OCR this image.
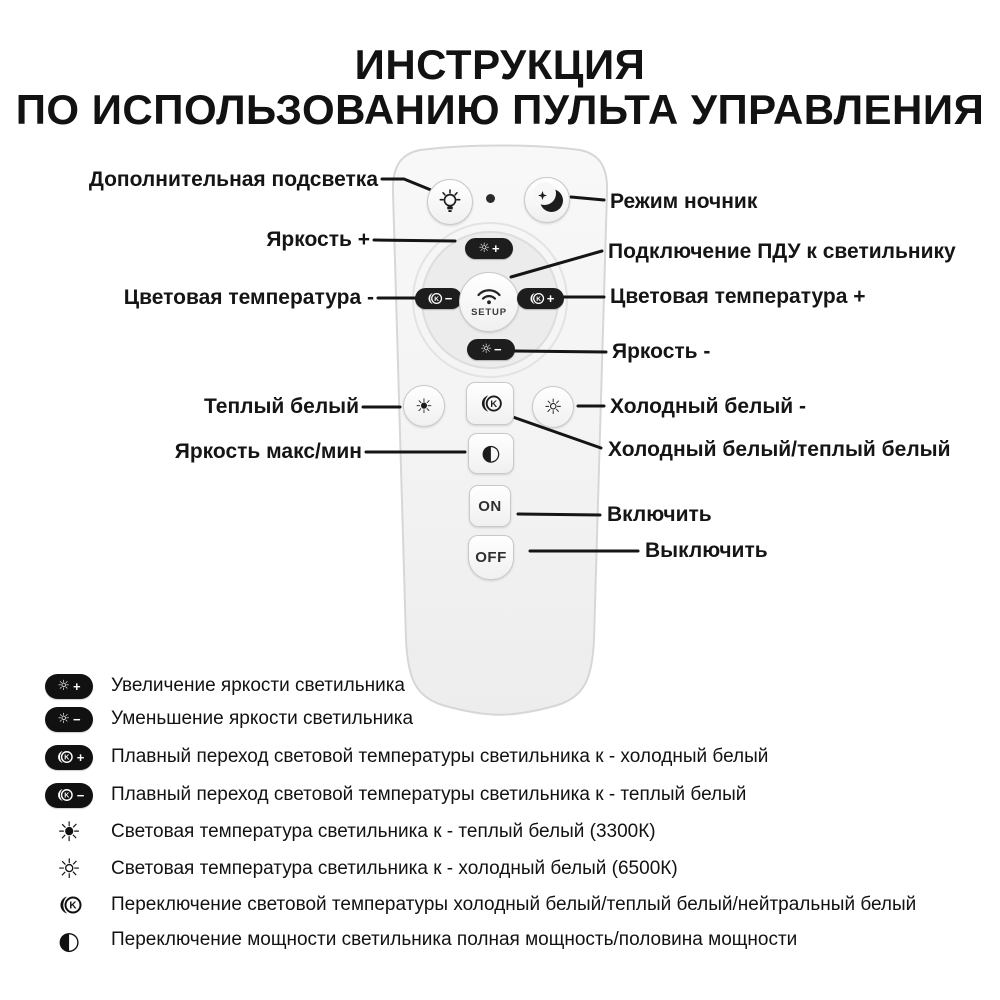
ИНСТРУКЦИЯ
ПО ИСПОЛЬЗОВАНИЮ ПУЛЬТА УПРАВЛЕНИЯ
☼ +
−
SETUP
+
☼ −
☀	☼
◐
ON
OFF
Дополнительная подсветка
Яркость +
Цветовая температура -
Теплый белый
Яркость макс/мин
Режим ночник
Подключение ПДУ к светильнику
Цветовая температура +
Яркость -
Холодный белый -
Холодный белый/теплый белый
Включить
Выключить
☼ + Увеличение яркости светильника
☼ − Уменьшение яркости светильника
+ Плавный переход световой температуры светильника к - холодный белый
− Плавный переход световой температуры светильника к - теплый белый
☀ Световая температура светильника к - теплый белый (3300К)
☼ Световая температура светильника к - холодный белый (6500К)
Переключение световой температуры холодный белый/теплый белый/нейтральный белый
◐ Переключение мощности светильника полная мощность/половина мощности
